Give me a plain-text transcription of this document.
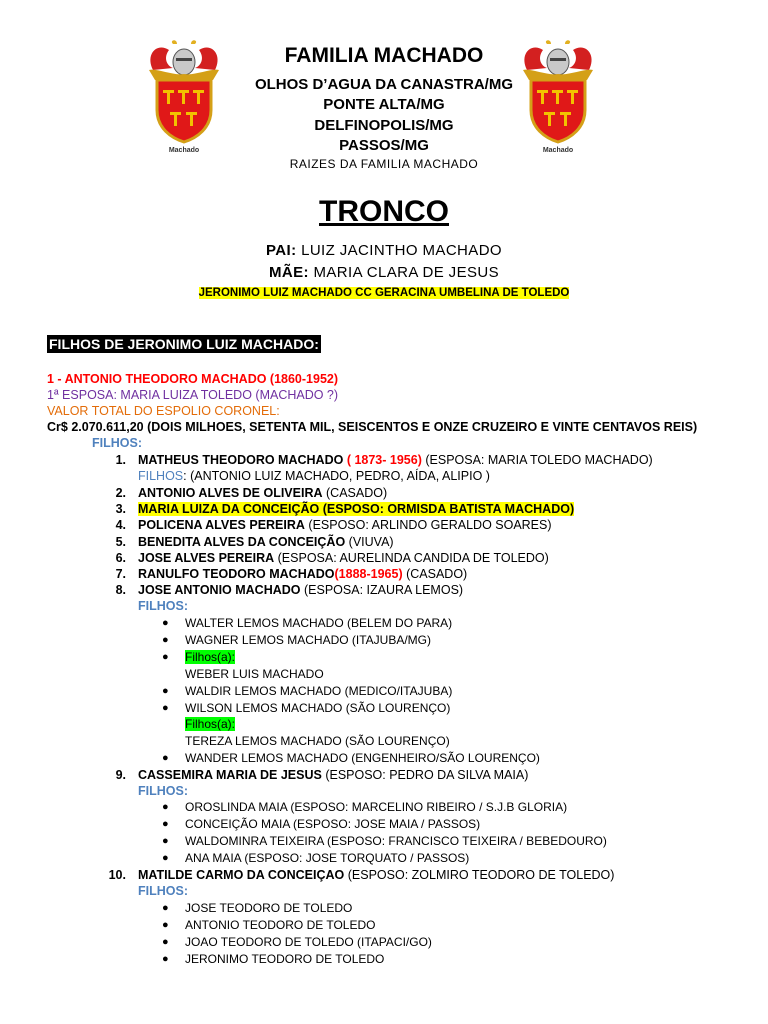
Machado	Machado
FAMILIA MACHADO
OLHOS D’AGUA DA CANASTRA/MG
PONTE ALTA/MG
DELFINOPOLIS/MG
PASSOS/MG
RAIZES DA FAMILIA MACHADO
TRONCO
PAI: LUIZ JACINTHO MACHADO
MÃE: MARIA CLARA DE JESUS
JERONIMO LUIZ MACHADO CC GERACINA UMBELINA DE TOLEDO
FILHOS DE JERONIMO LUIZ MACHADO:
1 - ANTONIO THEODORO MACHADO (1860-1952)
1ª ESPOSA: MARIA LUIZA TOLEDO (MACHADO ?)
VALOR TOTAL DO ESPOLIO CORONEL:
Cr$ 2.070.611,20 (DOIS MILHOES, SETENTA MIL, SEISCENTOS E ONZE CRUZEIRO E VINTE CENTAVOS REIS)
FILHOS:
1. MATHEUS THEODORO MACHADO ( 1873- 1956) (ESPOSA: MARIA TOLEDO MACHADO)
FILHOS: (ANTONIO LUIZ MACHADO, PEDRO, AÍDA, ALIPIO )
2. ANTONIO ALVES DE OLIVEIRA (CASADO)
3. MARIA LUIZA DA CONCEIÇÃO (ESPOSO: ORMISDA BATISTA MACHADO)
4. POLICENA ALVES PEREIRA (ESPOSO: ARLINDO GERALDO SOARES)
5. BENEDITA ALVES DA CONCEIÇÃO (VIUVA)
6. JOSE ALVES PEREIRA (ESPOSA: AURELINDA CANDIDA DE TOLEDO)
7. RANULFO TEODORO MACHADO(1888-1965) (CASADO)
8. JOSE ANTONIO MACHADO (ESPOSA: IZAURA LEMOS)
FILHOS:
● WALTER LEMOS MACHADO (BELEM DO PARA)
● WAGNER LEMOS MACHADO (ITAJUBA/MG)
● Filhos(a):
WEBER LUIS MACHADO
● WALDIR LEMOS MACHADO (MEDICO/ITAJUBA)
● WILSON LEMOS MACHADO (SÃO LOURENÇO)
Filhos(a):
TEREZA LEMOS MACHADO (SÃO LOURENÇO)
● WANDER LEMOS MACHADO (ENGENHEIRO/SÃO LOURENÇO)
9. CASSEMIRA MARIA DE JESUS (ESPOSO: PEDRO DA SILVA MAIA)
FILHOS:
● OROSLINDA MAIA (ESPOSO: MARCELINO RIBEIRO / S.J.B GLORIA)
● CONCEIÇÃO MAIA (ESPOSO: JOSE MAIA / PASSOS)
● WALDOMINRA TEIXEIRA (ESPOSO: FRANCISCO TEIXEIRA / BEBEDOURO)
● ANA MAIA (ESPOSO: JOSE TORQUATO / PASSOS)
10. MATILDE CARMO DA CONCEIÇAO (ESPOSO: ZOLMIRO TEODORO DE TOLEDO)
FILHOS:
● JOSE TEODORO DE TOLEDO
● ANTONIO TEODORO DE TOLEDO
● JOAO TEODORO DE TOLEDO (ITAPACI/GO)
● JERONIMO TEODORO DE TOLEDO
